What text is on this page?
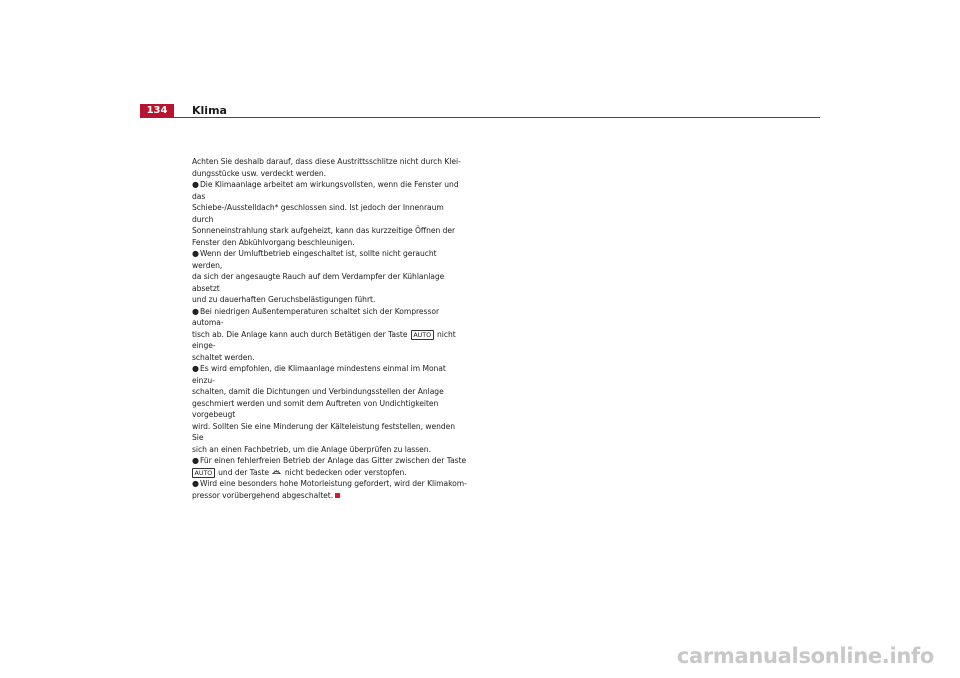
134	Klima

Achten Sie deshalb darauf, dass diese Austrittsschlitze nicht durch Klei-
dungsstücke usw. verdeckt werden.

●Die Klimaanlage arbeitet am wirkungsvollsten, wenn die Fenster und das
Schiebe-/Ausstelldach* geschlossen sind. Ist jedoch der Innenraum durch
Sonneneinstrahlung stark aufgeheizt, kann das kurzzeitige Öffnen der
Fenster den Abkühlvorgang beschleunigen.

●Wenn der Umluftbetrieb eingeschaltet ist, sollte nicht geraucht werden,
da sich der angesaugte Rauch auf dem Verdampfer der Kühlanlage absetzt
und zu dauerhaften Geruchsbelästigungen führt.

●Bei niedrigen Außentemperaturen schaltet sich der Kompressor automa-
tisch ab. Die Anlage kann auch durch Betätigen der Taste AUTO nicht einge-
schaltet werden.

●Es wird empfohlen, die Klimaanlage mindestens einmal im Monat einzu-
schalten, damit die Dichtungen und Verbindungsstellen der Anlage
geschmiert werden und somit dem Auftreten von Undichtigkeiten vorgebeugt
wird. Sollten Sie eine Minderung der Kälteleistung feststellen, wenden Sie
sich an einen Fachbetrieb, um die Anlage überprüfen zu lassen.

●Für einen fehlerfreien Betrieb der Anlage das Gitter zwischen der Taste
AUTO und der Taste nicht bedecken oder verstopfen.

●Wird eine besonders hohe Motorleistung gefordert, wird der Klimakom-
pressor vorübergehend abgeschaltet.

carmanualsonline.info
